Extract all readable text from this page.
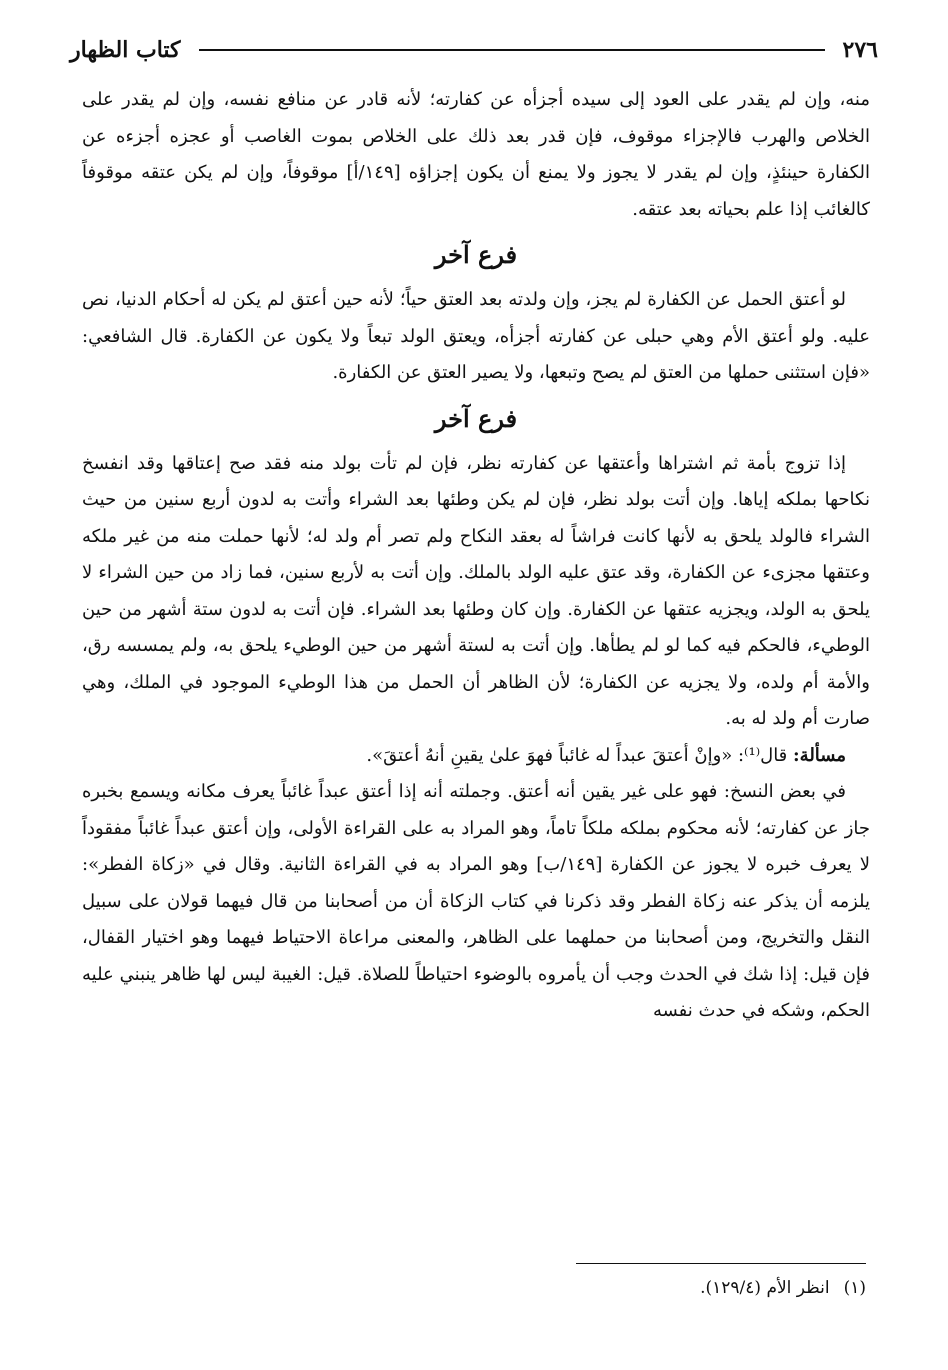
٢٧٦
كتاب الظهار

منه، وإن لم يقدر على العود إلى سيده أجزأه عن كفارته؛ لأنه قادر عن منافع نفسه، وإن لم يقدر على الخلاص والهرب فالإجزاء موقوف، فإن قدر بعد ذلك على الخلاص بموت الغاصب أو عجزه أجزءه عن الكفارة حينئذٍ، وإن لم يقدر لا يجوز ولا يمنع أن يكون إجزاؤه [١٤٩/أ] موقوفاً، وإن لم يكن عتقه موقوفاً كالغائب إذا علم بحياته بعد عتقه.

فرع آخر

لو أعتق الحمل عن الكفارة لم يجز، وإن ولدته بعد العتق حياً؛ لأنه حين أعتق لم يكن له أحكام الدنيا، نص عليه. ولو أعتق الأم وهي حبلى عن كفارته أجزأه، ويعتق الولد تبعاً ولا يكون عن الكفارة. قال الشافعي: «فإن استثنى حملها من العتق لم يصح وتبعها، ولا يصير العتق عن الكفارة.

فرع آخر

إذا تزوج بأمة ثم اشتراها وأعتقها عن كفارته نظر، فإن لم تأت بولد منه فقد صح إعتاقها وقد انفسخ نكاحها بملكه إياها. وإن أتت بولد نظر، فإن لم يكن وطئها بعد الشراء وأتت به لدون أربع سنين من حيث الشراء فالولد يلحق به لأنها كانت فراشاً له بعقد النكاح ولم تصر أم ولد له؛ لأنها حملت منه من غير ملكه وعتقها مجزىء عن الكفارة، وقد عتق عليه الولد بالملك. وإن أتت به لأربع سنين، فما زاد من حين الشراء لا يلحق به الولد، ويجزيه عتقها عن الكفارة. وإن كان وطئها بعد الشراء. فإن أتت به لدون ستة أشهر من حين الوطيء، فالحكم فيه كما لو لم يطأها. وإن أتت به لستة أشهر من حين الوطيء يلحق به، ولم يمسسه رق، والأمة أم ولده، ولا يجزيه عن الكفارة؛ لأن الظاهر أن الحمل من هذا الوطيء الموجود في الملك، وهي صارت أم ولد له به.

مسألة: قال⁽¹⁾: «وإنْ أعتقَ عبداً له غائباً فهوَ علىٰ يقينِ أنهُ أعتقَ».

في بعض النسخ: فهو على غير يقين أنه أعتق. وجملته أنه إذا أعتق عبداً غائباً يعرف مكانه ويسمع بخبره جاز عن كفارته؛ لأنه محكوم بملكه ملكاً تاماً، وهو المراد به على القراءة الأولى، وإن أعتق عبداً غائباً مفقوداً لا يعرف خبره لا يجوز عن الكفارة [١٤٩/ب] وهو المراد به في القراءة الثانية. وقال في «زكاة الفطر»: يلزمه أن يذكر عنه زكاة الفطر وقد ذكرنا في كتاب الزكاة أن من أصحابنا من قال فيهما قولان على سبيل النقل والتخريج، ومن أصحابنا من حملهما على الظاهر، والمعنى مراعاة الاحتياط فيهما وهو اختيار القفال، فإن قيل: إذا شك في الحدث وجب أن يأمروه بالوضوء احتياطاً للصلاة. قيل: الغيبة ليس لها ظاهر ينبني عليه الحكم، وشكه في حدث نفسه

(١)انظر الأم (١٢٩/٤).
